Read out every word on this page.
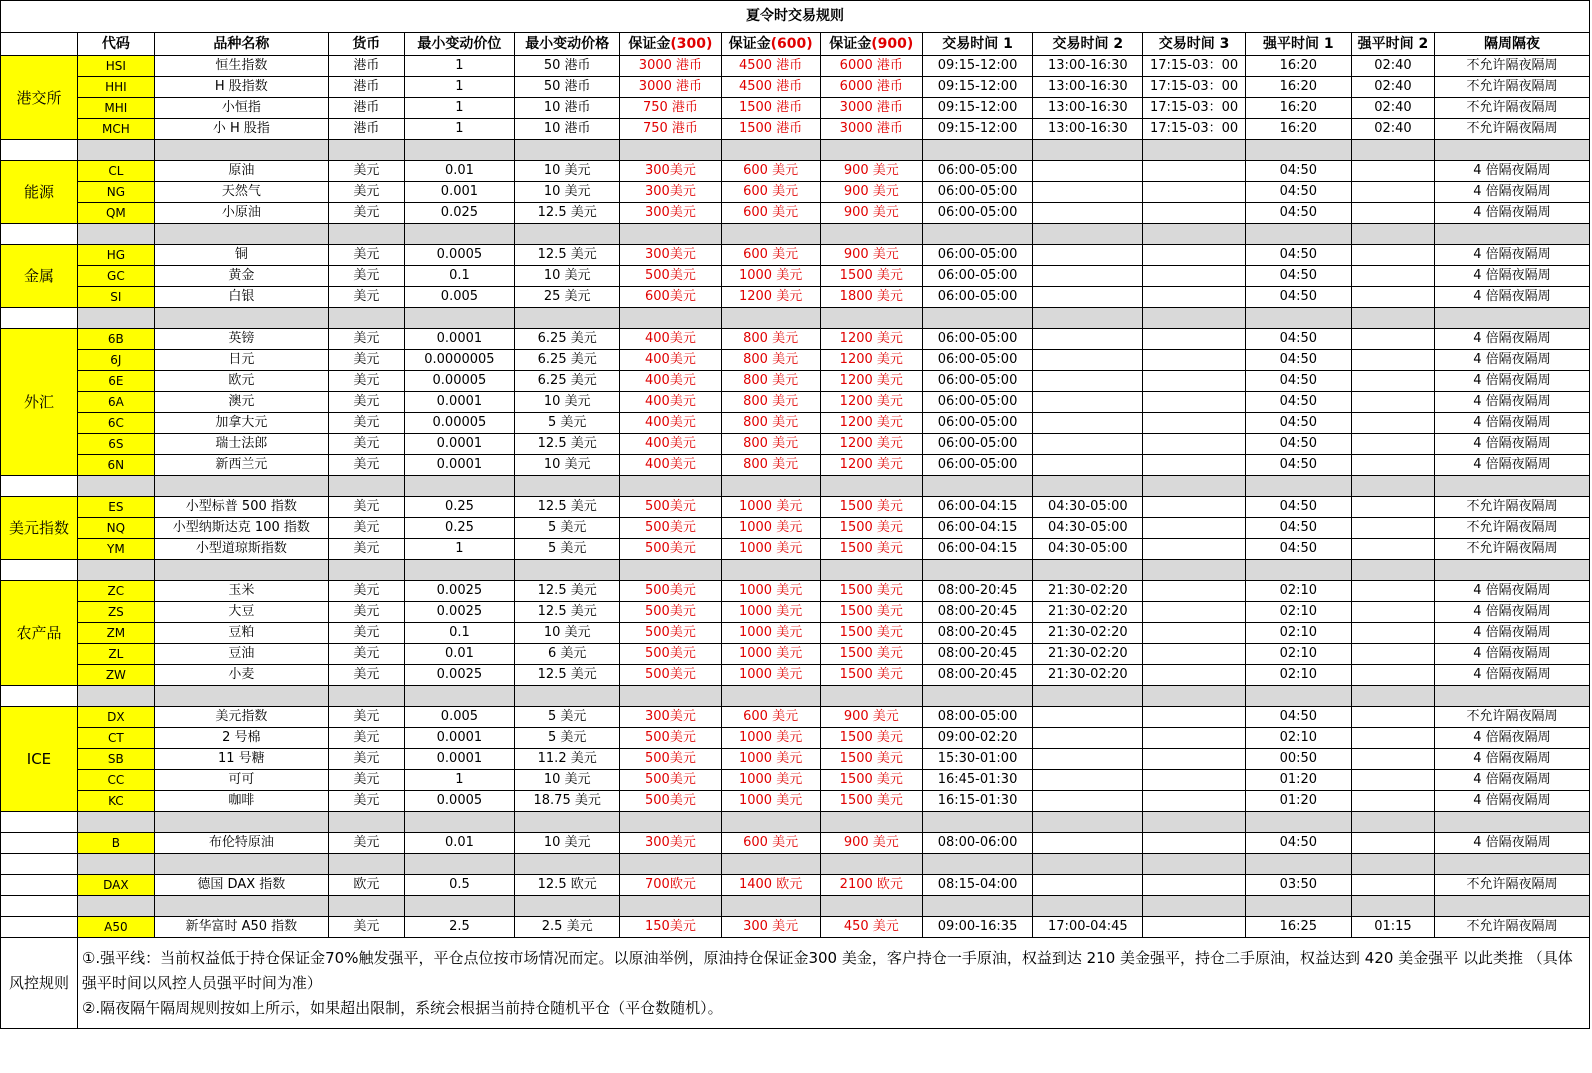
夏令时交易规则														
	代码	品种名称	货币	最小变动价位	最小变动价格	保证金(300)	保证金(600)	保证金(900)	交易时间 1	交易时间 2	交易时间 3	强平时间 1	强平时间 2	隔周隔夜
港交所	HSI	恒生指数	港币	1	50 港币	3000 港币	4500 港币	6000 港币	09:15-12:00	13:00-16:30	17:15-03：00	16:20	02:40	不允许隔夜隔周
	HHI	H 股指数	港币	1	50 港币	3000 港币	4500 港币	6000 港币	09:15-12:00	13:00-16:30	17:15-03：00	16:20	02:40	不允许隔夜隔周
	MHI	小恒指	港币	1	10 港币	750 港币	1500 港币	3000 港币	09:15-12:00	13:00-16:30	17:15-03：00	16:20	02:40	不允许隔夜隔周
	MCH	小 H 股指	港币	1	10 港币	750 港币	1500 港币	3000 港币	09:15-12:00	13:00-16:30	17:15-03：00	16:20	02:40	不允许隔夜隔周

能源	CL	原油	美元	0.01	10 美元	300美元	600 美元	900 美元	06:00-05:00			04:50		4 倍隔夜隔周
	NG	天然气	美元	0.001	10 美元	300美元	600 美元	900 美元	06:00-05:00			04:50		4 倍隔夜隔周
	QM	小原油	美元	0.025	12.5 美元	300美元	600 美元	900 美元	06:00-05:00			04:50		4 倍隔夜隔周

金属	HG	铜	美元	0.0005	12.5 美元	300美元	600 美元	900 美元	06:00-05:00			04:50		4 倍隔夜隔周
	GC	黄金	美元	0.1	10 美元	500美元	1000 美元	1500 美元	06:00-05:00			04:50		4 倍隔夜隔周
	SI	白银	美元	0.005	25 美元	600美元	1200 美元	1800 美元	06:00-05:00			04:50		4 倍隔夜隔周

外汇	6B	英镑	美元	0.0001	6.25 美元	400美元	800 美元	1200 美元	06:00-05:00			04:50		4 倍隔夜隔周
	6J	日元	美元	0.0000005	6.25 美元	400美元	800 美元	1200 美元	06:00-05:00			04:50		4 倍隔夜隔周
	6E	欧元	美元	0.00005	6.25 美元	400美元	800 美元	1200 美元	06:00-05:00			04:50		4 倍隔夜隔周
	6A	澳元	美元	0.0001	10 美元	400美元	800 美元	1200 美元	06:00-05:00			04:50		4 倍隔夜隔周
	6C	加拿大元	美元	0.00005	5 美元	400美元	800 美元	1200 美元	06:00-05:00			04:50		4 倍隔夜隔周
	6S	瑞士法郎	美元	0.0001	12.5 美元	400美元	800 美元	1200 美元	06:00-05:00			04:50		4 倍隔夜隔周
	6N	新西兰元	美元	0.0001	10 美元	400美元	800 美元	1200 美元	06:00-05:00			04:50		4 倍隔夜隔周

美元指数	ES	小型标普 500 指数	美元	0.25	12.5 美元	500美元	1000 美元	1500 美元	06:00-04:15	04:30-05:00		04:50		不允许隔夜隔周
	NQ	小型纳斯达克 100 指数	美元	0.25	5 美元	500美元	1000 美元	1500 美元	06:00-04:15	04:30-05:00		04:50		不允许隔夜隔周
	YM	小型道琼斯指数	美元	1	5 美元	500美元	1000 美元	1500 美元	06:00-04:15	04:30-05:00		04:50		不允许隔夜隔周

农产品	ZC	玉米	美元	0.0025	12.5 美元	500美元	1000 美元	1500 美元	08:00-20:45	21:30-02:20		02:10		4 倍隔夜隔周
	ZS	大豆	美元	0.0025	12.5 美元	500美元	1000 美元	1500 美元	08:00-20:45	21:30-02:20		02:10		4 倍隔夜隔周
	ZM	豆粕	美元	0.1	10 美元	500美元	1000 美元	1500 美元	08:00-20:45	21:30-02:20		02:10		4 倍隔夜隔周
	ZL	豆油	美元	0.01	6 美元	500美元	1000 美元	1500 美元	08:00-20:45	21:30-02:20		02:10		4 倍隔夜隔周
	ZW	小麦	美元	0.0025	12.5 美元	500美元	1000 美元	1500 美元	08:00-20:45	21:30-02:20		02:10		4 倍隔夜隔周

ICE	DX	美元指数	美元	0.005	5 美元	300美元	600 美元	900 美元	08:00-05:00			04:50		不允许隔夜隔周
	CT	2 号棉	美元	0.0001	5 美元	500美元	1000 美元	1500 美元	09:00-02:20			02:10		4 倍隔夜隔周
	SB	11 号糖	美元	0.0001	11.2 美元	500美元	1000 美元	1500 美元	15:30-01:00			00:50		4 倍隔夜隔周
	CC	可可	美元	1	10 美元	500美元	1000 美元	1500 美元	16:45-01:30			01:20		4 倍隔夜隔周
	KC	咖啡	美元	0.0005	18.75 美元	500美元	1000 美元	1500 美元	16:15-01:30			01:20		4 倍隔夜隔周

	B	布伦特原油	美元	0.01	10 美元	300美元	600 美元	900 美元	08:00-06:00			04:50		4 倍隔夜隔周

	DAX	德国 DAX 指数	欧元	0.5	12.5 欧元	700欧元	1400 欧元	2100 欧元	08:15-04:00			03:50		不允许隔夜隔周

	A50	新华富时 A50 指数	美元	2.5	2.5 美元	150美元	300 美元	450 美元	09:00-16:35	17:00-04:45		16:25	01:15	不允许隔夜隔周
风控规则	①.强平线：当前权益低于持仓保证金70%触发强平，平仓点位按市场情况而定。以原油举例，原油持仓保证金300 美金，客户持仓一手原油，权益到达 210 美金强平，持仓二手原油，权益达到 420 美金强平 以此类推 （具体强平时间以风控人员强平时间为准）

②.隔夜隔午隔周规则按如上所示，如果超出限制，系统会根据当前持仓随机平仓（平仓数随机）。													
